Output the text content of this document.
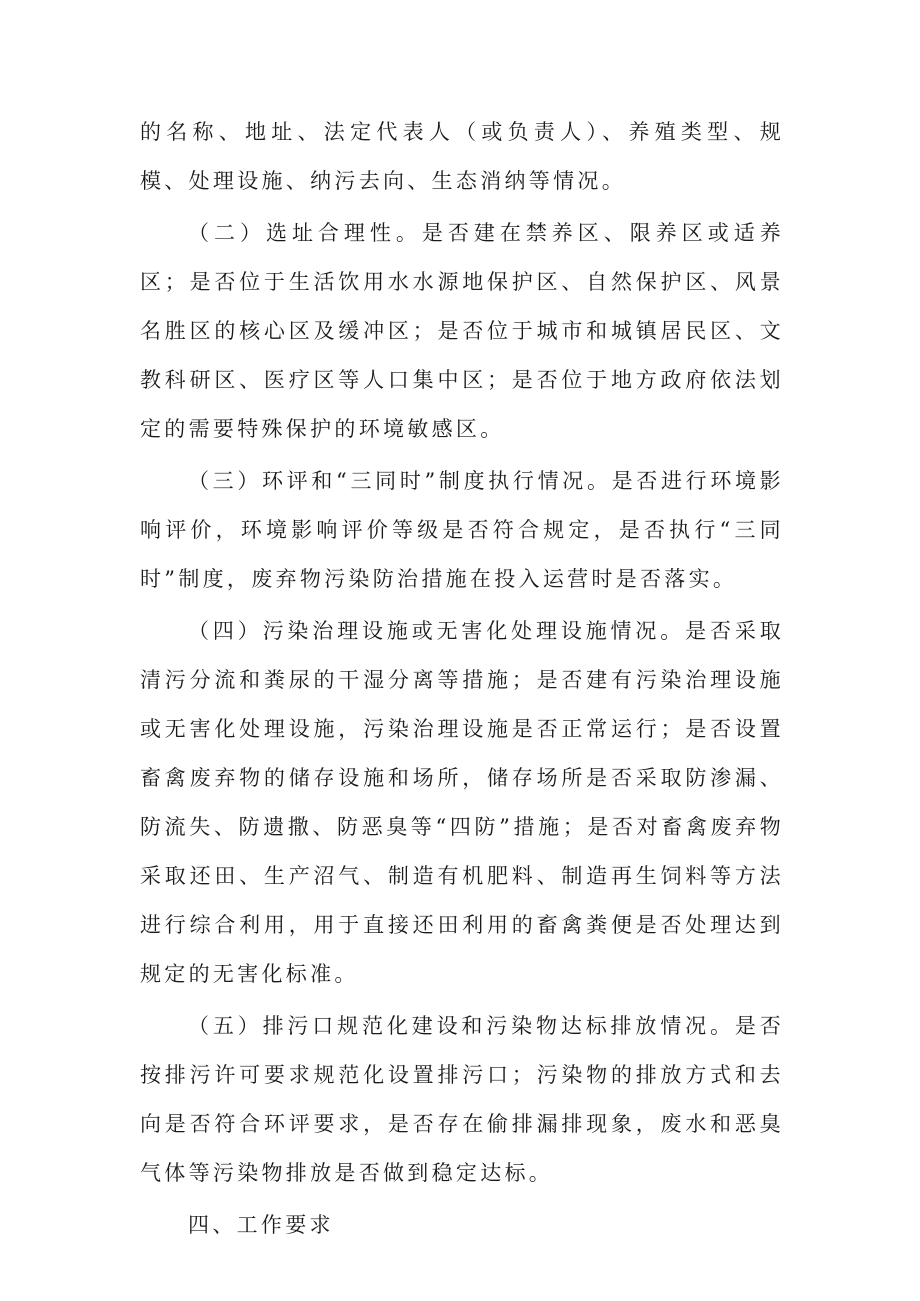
的名称、地址、法定代表人（或负责人）、养殖类型、规模、处理设施、纳污去向、生态消纳等情况。

（二）选址合理性。是否建在禁养区、限养区或适养区；是否位于生活饮用水水源地保护区、自然保护区、风景名胜区的核心区及缓冲区；是否位于城市和城镇居民区、文教科研区、医疗区等人口集中区；是否位于地方政府依法划定的需要特殊保护的环境敏感区。

（三）环评和“三同时”制度执行情况。是否进行环境影响评价，环境影响评价等级是否符合规定，是否执行“三同时”制度，废弃物污染防治措施在投入运营时是否落实。

（四）污染治理设施或无害化处理设施情况。是否采取清污分流和粪尿的干湿分离等措施；是否建有污染治理设施或无害化处理设施，污染治理设施是否正常运行；是否设置畜禽废弃物的储存设施和场所，储存场所是否采取防渗漏、防流失、防遗撒、防恶臭等“四防”措施；是否对畜禽废弃物采取还田、生产沼气、制造有机肥料、制造再生饲料等方法进行综合利用，用于直接还田利用的畜禽粪便是否处理达到规定的无害化标准。

（五）排污口规范化建设和污染物达标排放情况。是否按排污许可要求规范化设置排污口；污染物的排放方式和去向是否符合环评要求，是否存在偷排漏排现象，废水和恶臭气体等污染物排放是否做到稳定达标。

四、工作要求
